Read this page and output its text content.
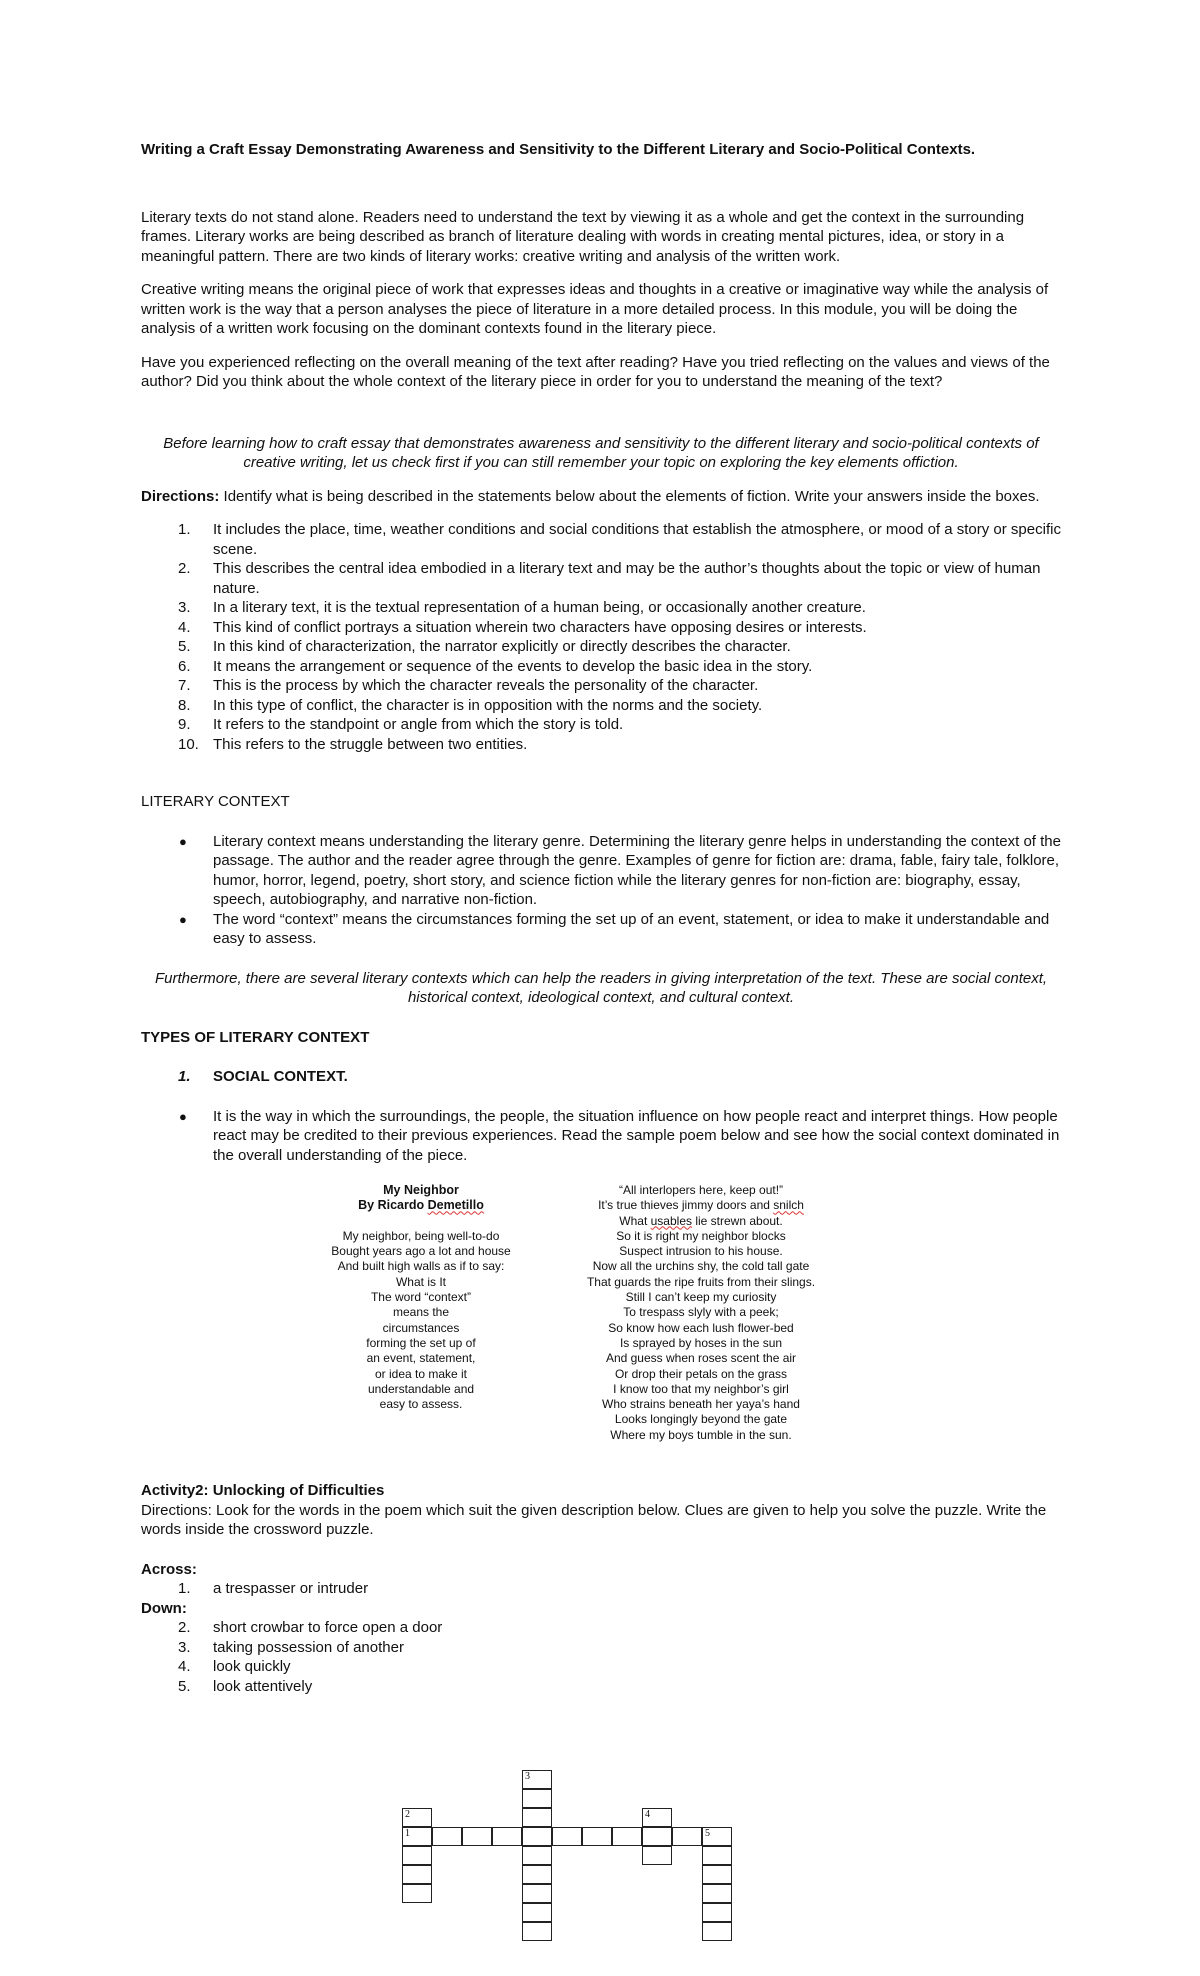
Writing a Craft Essay Demonstrating Awareness and Sensitivity to the Different Literary and Socio-Political Contexts.

Literary texts do not stand alone. Readers need to understand the text by viewing it as a whole and get the context in the surrounding frames. Literary works are being described as branch of literature dealing with words in creating mental pictures, idea, or story in a meaningful pattern. There are two kinds of literary works: creative writing and analysis of the written work.

Creative writing means the original piece of work that expresses ideas and thoughts in a creative or imaginative way while the analysis of written work is the way that a person analyses the piece of literature in a more detailed process. In this module, you will be doing the analysis of a written work focusing on the dominant contexts found in the literary piece.

Have you experienced reflecting on the overall meaning of the text after reading? Have you tried reflecting on the values and views of the author? Did you think about the whole context of the literary piece in order for you to understand the meaning of the text?

Before learning how to craft essay that demonstrates awareness and sensitivity to the different literary and socio-political contexts of creative writing, let us check first if you can still remember your topic on exploring the key elements offiction.

Directions: Identify what is being described in the statements below about the elements of fiction. Write your answers inside the boxes.

1.	It includes the place, time, weather conditions and social conditions that establish the atmosphere, or mood of a story or specific scene.
2.	This describes the central idea embodied in a literary text and may be the author’s thoughts about the topic or view of human nature.
3.	In a literary text, it is the textual representation of a human being, or occasionally another creature.
4.	This kind of conflict portrays a situation wherein two characters have opposing desires or interests.
5.	In this kind of characterization, the narrator explicitly or directly describes the character.
6.	It means the arrangement or sequence of the events to develop the basic idea in the story.
7.	This is the process by which the character reveals the personality of the character.
8.	In this type of conflict, the character is in opposition with the norms and the society.
9.	It refers to the standpoint or angle from which the story is told.
10. This refers to the struggle between two entities.

LITERARY CONTEXT

● Literary context means understanding the literary genre. Determining the literary genre helps in understanding the context of the passage. The author and the reader agree through the genre. Examples of genre for fiction are: drama, fable, fairy tale, folklore, humor, horror, legend, poetry, short story, and science fiction while the literary genres for non-fiction are: biography, essay, speech, autobiography, and narrative non-fiction.
● The word “context” means the circumstances forming the set up of an event, statement, or idea to make it understandable and easy to assess.

Furthermore, there are several literary contexts which can help the readers in giving interpretation of the text. These are social context, historical context, ideological context, and cultural context.

TYPES OF LITERARY CONTEXT

1.	SOCIAL CONTEXT.
● It is the way in which the surroundings, the people, the situation influence on how people react and interpret things. How people react may be credited to their previous experiences. Read the sample poem below and see how the social context dominated in the overall understanding of the piece.
My Neighbor
By Ricardo Demetillo

My neighbor, being well-to-do
Bought years ago a lot and house
And built high walls as if to say:
What is It
The word “context”
means the
circumstances
forming the set up of
an event, statement,
or idea to make it
understandable and
easy to assess.
“All interlopers here, keep out!”
It’s true thieves jimmy doors and snilch
What usables lie strewn about.
So it is right my neighbor blocks
Suspect intrusion to his house.
Now all the urchins shy, the cold tall gate
That guards the ripe fruits from their slings.
Still I can’t keep my curiosity
To trespass slyly with a peek;
So know how each lush flower-bed
Is sprayed by hoses in the sun
And guess when roses scent the air
Or drop their petals on the grass
I know too that my neighbor’s girl
Who strains beneath her yaya’s hand
Looks longingly beyond the gate
Where my boys tumble in the sun.

Activity2: Unlocking of Difficulties

Directions: Look for the words in the poem which suit the given description below. Clues are given to help you solve the puzzle. Write the words inside the crossword puzzle.

Across:

1.	a trespasser or intruder

Down:

2.	short crowbar to force open a door
3.	taking possession of another
4.	look quickly
5.	look attentively
1	5
2
3
4
